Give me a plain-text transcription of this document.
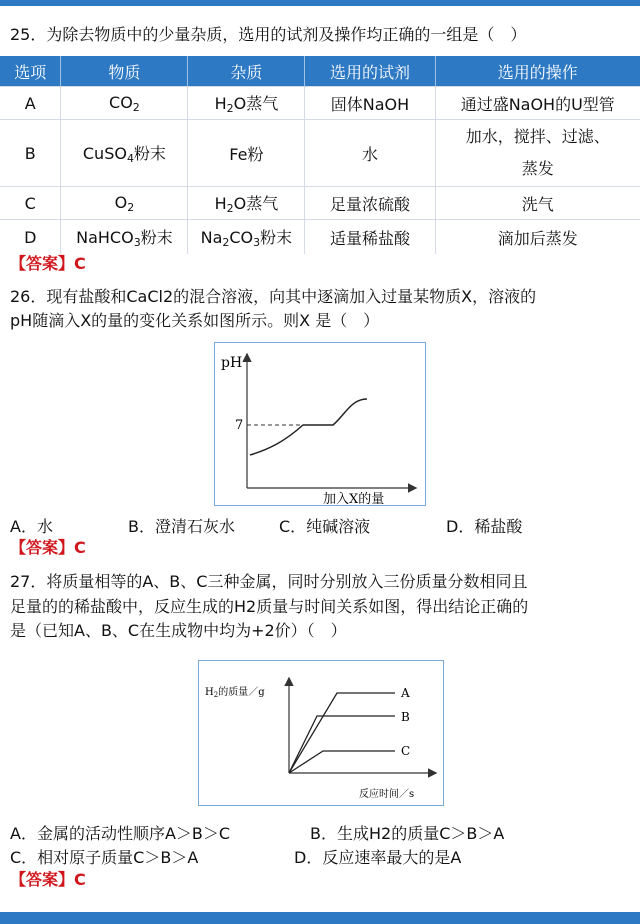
25．为除去物质中的少量杂质，选用的试剂及操作均正确的一组是（　）
选项	物质	杂质	选用的试剂	选用的操作
A	$CO_2$	$H_2O$蒸气	固体NaOH	通过盛NaOH的U型管
B	CuSO$_4$粉末	Fe粉	水	加水，搅拌、过滤、
蒸发

C	$O_2$	$H_2O$蒸气	足量浓硫酸	洗气
D	NaHCO$_3$粉末	$Na_2CO_3$粉末	适量稀盐酸	滴加后蒸发
【答案】C
26．现有盐酸和CaCl2的混合溶液，向其中逐滴加入过量某物质X，溶液的
pH随滴入X的量的变化关系如图所示。则X 是（　）
pH
7
加入X的量
A．水	B．澄清石灰水	C．纯碱溶液	D．稀盐酸
【答案】C
27．将质量相等的A、B、C三种金属，同时分别放入三份质量分数相同且
足量的的稀盐酸中，反应生成的H2质量与时间关系如图，得出结论正确的
是（已知A、B、C在生成物中均为+2价）（　）
$H_2$的质量／g	A
B
C
反应时间／s
A．金属的活动性顺序A＞B＞C	B．生成H2的质量C＞B＞A
C．相对原子质量C＞B＞A	D．反应速率最大的是A
【答案】C
